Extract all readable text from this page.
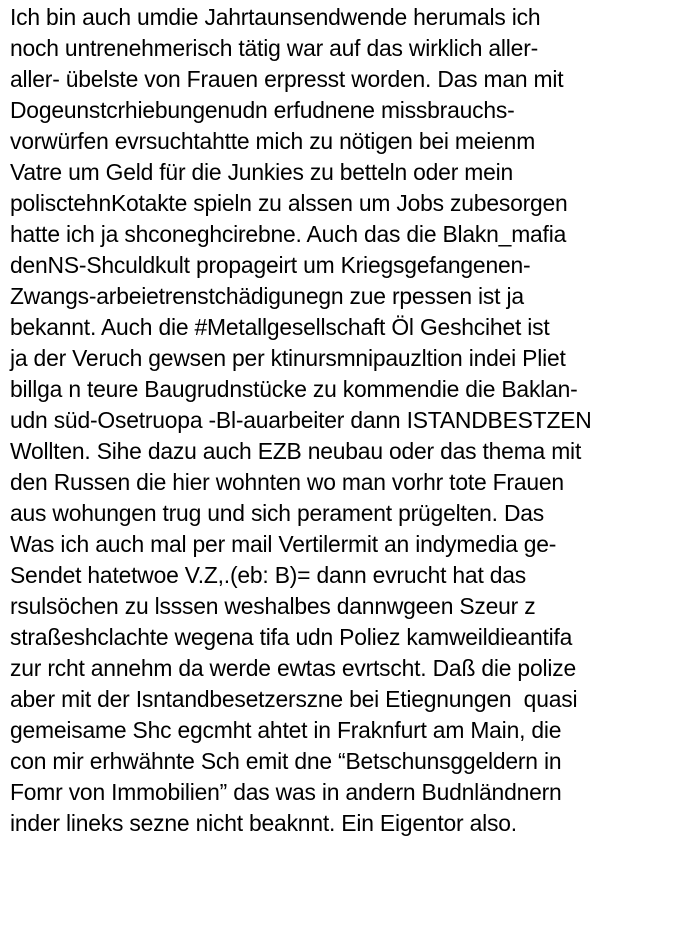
Ich bin auch umdie Jahrtaunsendwende herumals ich
noch untrenehmerisch tätig war auf das wirklich aller-
aller- übelste von Frauen erpresst worden. Das man mit
Dogeunstcrhiebungenudn erfudnene missbrauchs-
vorwürfen evrsuchtahtte mich zu nötigen bei meienm
Vatre um Geld für die Junkies zu betteln oder mein
polisctehnKotakte spieln zu alssen um Jobs zubesorgen
hatte ich ja shconeghcirebne. Auch das die Blakn_mafia
denNS-Shculdkult propageirt um Kriegsgefangenen-
Zwangs-arbeietrenstchädigunegn zue rpessen ist ja
bekannt. Auch die #Metallgesellschaft Öl Geshcihet ist
ja der Veruch gewsen per ktinursmnipauzltion indei Pliet
billga n teure Baugrudnstücke zu kommendie die Baklan-
udn süd-Osetruopa -Bl-auarbeiter dann ISTANDBESTZEN
Wollten. Sihe dazu auch EZB neubau oder das thema mit
den Russen die hier wohnten wo man vorhr tote Frauen
aus wohungen trug und sich perament prügelten. Das
Was ich auch mal per mail Vertilermit an indymedia ge-
Sendet hatetwoe V.Z,.(eb: B)= dann evrucht hat das
rsulsöchen zu lsssen weshalbes dannwgeen Szeur z
straßeshclachte wegena tifa udn Poliez kamweildieantifa
zur rcht annehm da werde ewtas evrtscht. Daß die polize
aber mit der Isntandbesetzerszne bei Etiegnungen  quasi
gemeisame Shc egcmht ahtet in Fraknfurt am Main, die
con mir erhwähnte Sch emit dne “Betschunsggeldern in
Fomr von Immobilien” das was in andern Budnländnern
inder lineks sezne nicht beaknnt. Ein Eigentor also.
